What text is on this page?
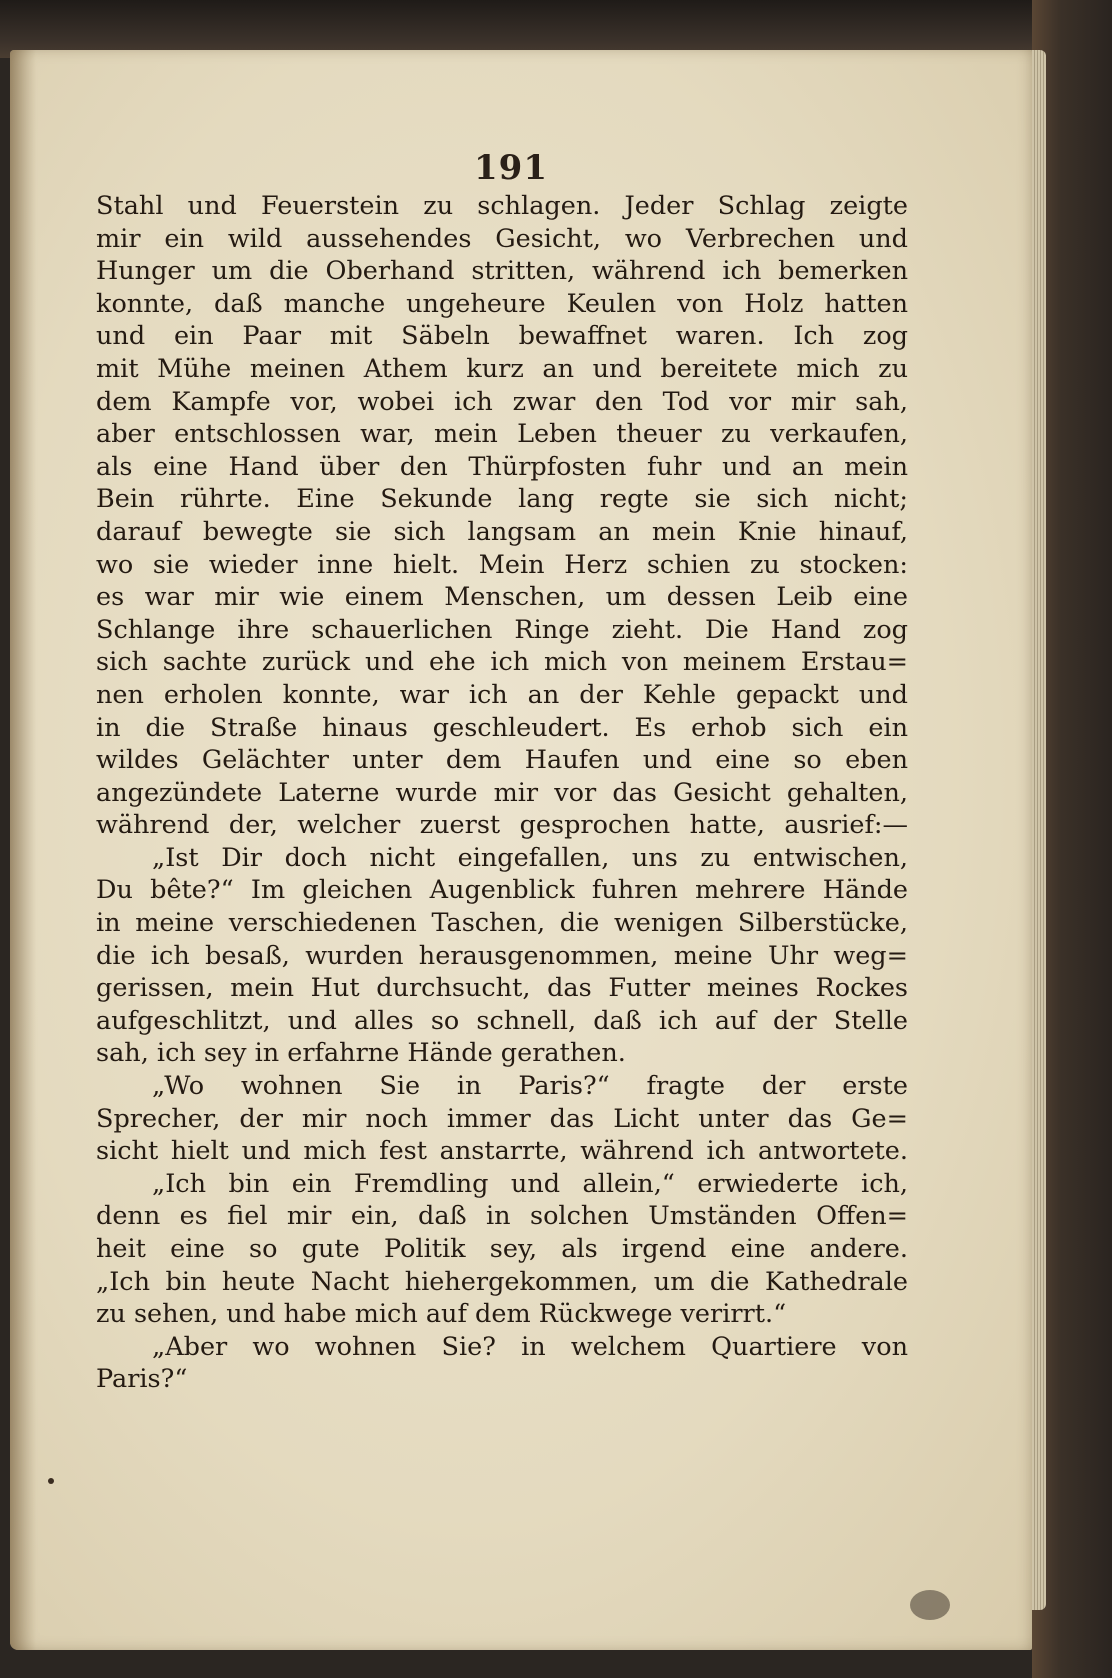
191
Stahl und Feuerstein zu schlagen. Jeder Schlag zeigte
mir ein wild aussehendes Gesicht, wo Verbrechen und
Hunger um die Oberhand stritten, während ich bemerken
konnte, daß manche ungeheure Keulen von Holz hatten
und ein Paar mit Säbeln bewaffnet waren. Ich zog
mit Mühe meinen Athem kurz an und bereitete mich zu
dem Kampfe vor, wobei ich zwar den Tod vor mir sah,
aber entschlossen war, mein Leben theuer zu verkaufen,
als eine Hand über den Thürpfosten fuhr und an mein
Bein rührte. Eine Sekunde lang regte sie sich nicht;
darauf bewegte sie sich langsam an mein Knie hinauf,
wo sie wieder inne hielt. Mein Herz schien zu stocken:
es war mir wie einem Menschen, um dessen Leib eine
Schlange ihre schauerlichen Ringe zieht. Die Hand zog
sich sachte zurück und ehe ich mich von meinem Erstau=
nen erholen konnte, war ich an der Kehle gepackt und
in die Straße hinaus geschleudert. Es erhob sich ein
wildes Gelächter unter dem Haufen und eine so eben
angezündete Laterne wurde mir vor das Gesicht gehalten,
während der, welcher zuerst gesprochen hatte, ausrief:—
„Ist Dir doch nicht eingefallen, uns zu entwischen,
Du bête?“ Im gleichen Augenblick fuhren mehrere Hände
in meine verschiedenen Taschen, die wenigen Silberstücke,
die ich besaß, wurden herausgenommen, meine Uhr weg=
gerissen, mein Hut durchsucht, das Futter meines Rockes
aufgeschlitzt, und alles so schnell, daß ich auf der Stelle
sah, ich sey in erfahrne Hände gerathen.
„Wo wohnen Sie in Paris?“ fragte der erste
Sprecher, der mir noch immer das Licht unter das Ge=
sicht hielt und mich fest anstarrte, während ich antwortete.
„Ich bin ein Fremdling und allein,“ erwiederte ich,
denn es fiel mir ein, daß in solchen Umständen Offen=
heit eine so gute Politik sey, als irgend eine andere.
„Ich bin heute Nacht hiehergekommen, um die Kathedrale
zu sehen, und habe mich auf dem Rückwege verirrt.“
„Aber wo wohnen Sie? in welchem Quartiere von
Paris?“
